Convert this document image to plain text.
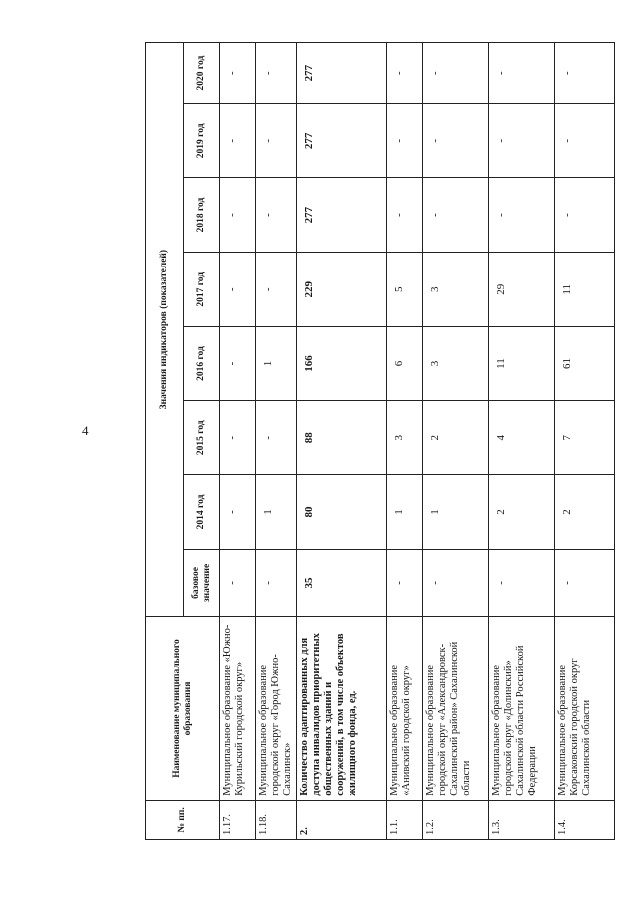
4
№ пп.	Наименование муниципального образования	Значения индикаторов (показателей)							
		базовое значение	2014 год	2015 год	2016 год	2017 год	2018 год	2019 год	2020 год
1.17.	Муниципальное образование «Южно-Курильский городской округ»	-	-	-	-	-	-	-	-
1.18.	Муниципальное образование городской округ «Город Южно-Сахалинск»	-	1	-	1	-	-	-	-
2.	Количество адаптированных для доступа инвалидов приоритетных общественных зданий и сооружений, в том числе объектов жилищного фонда, ед.	35	80	88	166	229	277	277	277
1.1.	Муниципальное образование «Анивский городской округ»	-	1	3	6	5	-	-	-
1.2.	Муниципальное образование городской округ «Александровск-Сахалинский район» Сахалинской области	-	1	2	3	3	-	-	-
1.3.	Муниципальное образование городской округ «Долинский» Сахалинской области Российской Федерации	-	2	4	11	29	-	-	-
1.4.	Муниципальное образование Корсаковский городской округ Сахалинской области	-	2	7	61	11	-	-	-
